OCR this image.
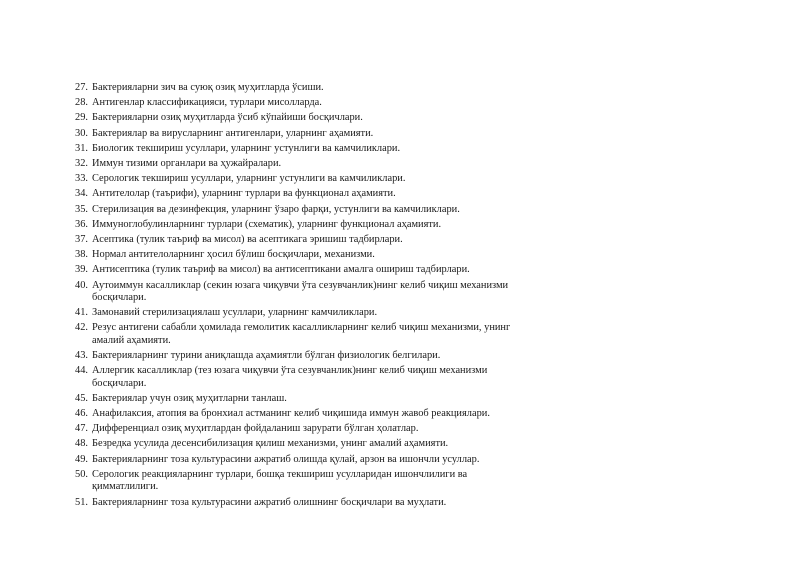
27. Бактерияларни зич ва суюқ озиқ муҳитларда ўсиши.
28. Антигенлар классификацияси, турлари мисолларда.
29. Бактерияларни озиқ муҳитларда ўсиб кўпайиши босқичлари.
30. Бактериялар ва вирусларнинг антигенлари, уларнинг аҳамияти.
31. Биологик текшириш усуллари, уларнинг устунлиги ва камчиликлари.
32. Иммун тизими органлари ва ҳужайралари.
33. Серологик текшириш усуллари, уларнинг устунлиги ва камчиликлари.
34. Антителолар (таърифи), уларнинг турлари ва функционал аҳамияти.
35. Стерилизация ва дезинфекция, уларнинг ўзаро фарқи, устунлиги ва камчиликлари.
36. Иммуноглобулинларнинг турлари (схематик), уларнинг функционал аҳамияти.
37. Асептика (тулик таъриф ва мисол) ва асептикага эришиш тадбирлари.
38. Нормал антителоларнинг ҳосил бўлиш босқичлари, механизми.
39. Антисептика (тулик таъриф ва мисол) ва антисептикани амалга ошириш тадбирлари.
40. Аутоиммун касалликлар (секин юзага чиқувчи ўта сезувчанлик)нинг келиб чиқиш механизми босқичлари.
41. Замонавий стерилизациялаш усуллари, уларнинг камчиликлари.
42. Резус антигени сабабли ҳомилада гемолитик касалликларнинг келиб чиқиш механизми, унинг амалий аҳамияти.
43. Бактерияларнинг турини аниқлашда аҳамиятли бўлган физиологик белгилари.
44. Аллергик касалликлар (тез юзага чиқувчи ўта сезувчанлик)нинг келиб чиқиш механизми босқичлари.
45. Бактериялар учун озиқ муҳитларни танлаш.
46. Анафилаксия, атопия ва бронхиал астманинг келиб чиқишида иммун жавоб реакциялари.
47. Дифференциал озиқ муҳитлардан фойдаланиш зарурати бўлган ҳолатлар.
48. Безредка усулида десенсибилизация қилиш механизми, унинг амалий аҳамияти.
49. Бактерияларнинг тоза культурасини ажратиб олишда қулай, арзон ва ишончли усуллар.
50. Серологик реакцияларнинг турлари, бошқа текшириш усулларидан ишончлилиги ва қимматлилиги.
51. Бактерияларнинг тоза культурасини ажратиб олишнинг босқичлари ва муҳлати.
